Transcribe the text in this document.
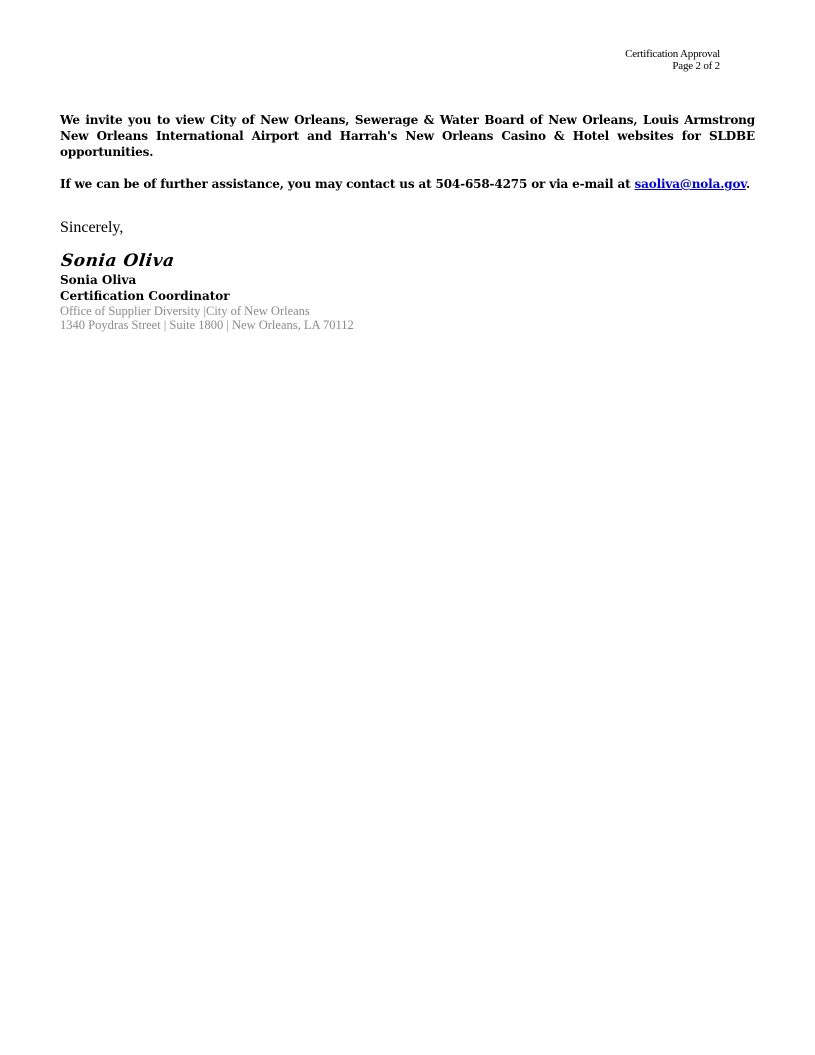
Certification Approval
Page 2 of 2

We invite you to view City of New Orleans, Sewerage & Water Board of New Orleans, Louis Armstrong New Orleans International Airport and Harrah's New Orleans Casino & Hotel websites for SLDBE opportunities.

If we can be of further assistance, you may contact us at 504-658-4275 or via e-mail at saoliva@nola.gov.

Sincerely,
Sonia Oliva
Sonia Oliva
Certification Coordinator
Office of Supplier Diversity |City of New Orleans
1340 Poydras Street | Suite 1800 | New Orleans, LA 70112
